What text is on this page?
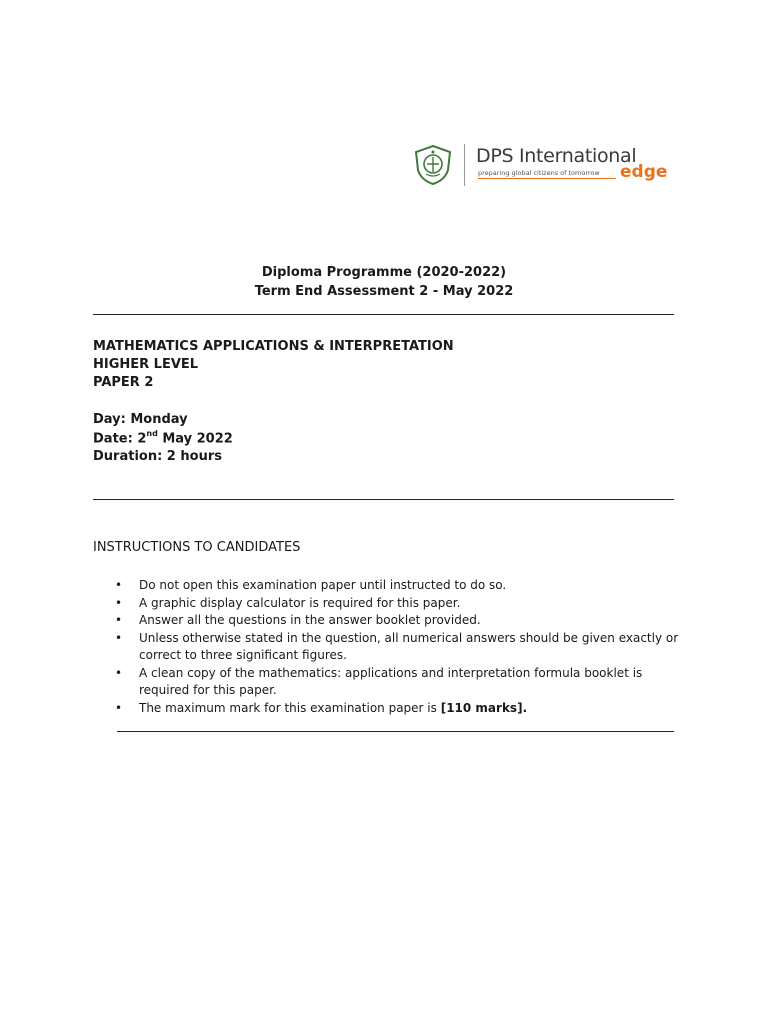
DPS International
preparing global citizens of tomorrow edge
Diploma Programme (2020-2022)
Term End Assessment 2 - May 2022
MATHEMATICS APPLICATIONS & INTERPRETATION
HIGHER LEVEL
PAPER 2
Day: Monday
Date: 2nd May 2022
Duration: 2 hours
INSTRUCTIONS TO CANDIDATES
• Do not open this examination paper until instructed to do so.
• A graphic display calculator is required for this paper.
• Answer all the questions in the answer booklet provided.
• Unless otherwise stated in the question, all numerical answers should be given exactly or correct to three significant figures.
• A clean copy of the mathematics: applications and interpretation formula booklet is required for this paper.
• The maximum mark for this examination paper is [110 marks].
